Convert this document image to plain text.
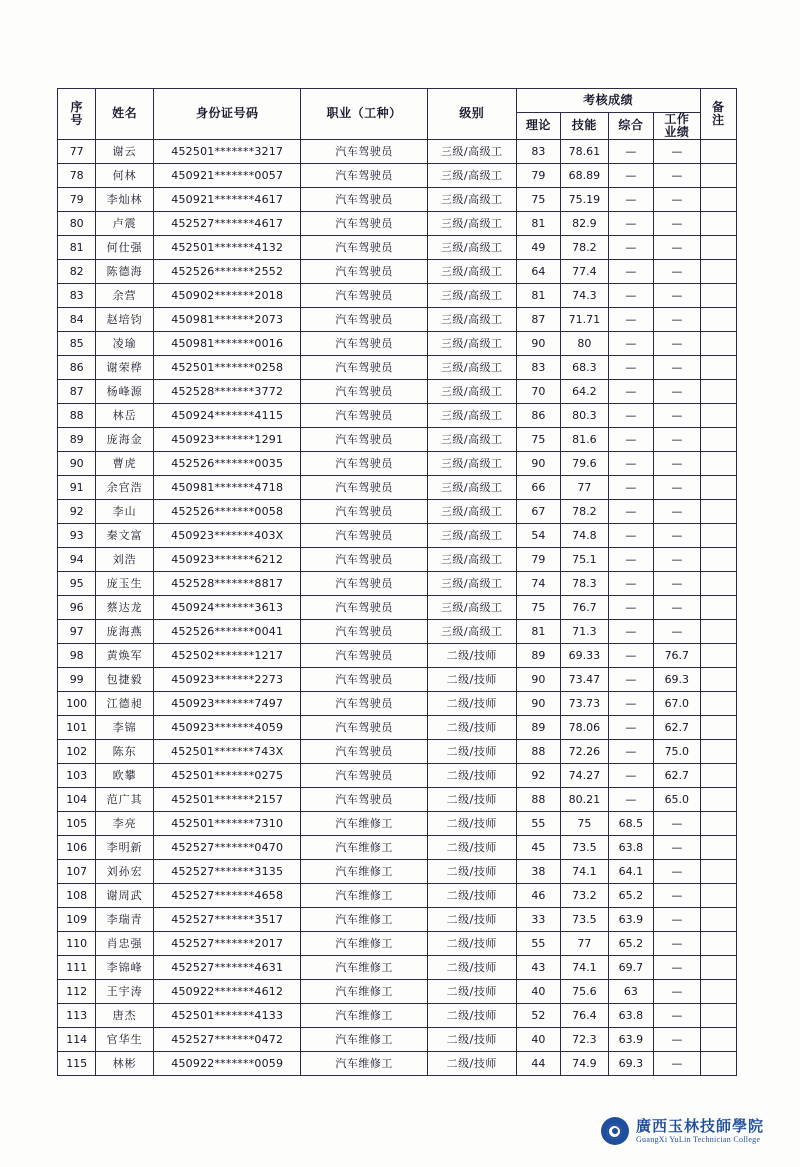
序
号	姓名	身份证号码	职业（工种）	级别	考核成绩				备
注

					理论	技能	综合	工作
业绩	

77	谢云	452501*******3217	汽车驾驶员	三级/高级工	83	78.61	—	—	
78	何林	450921*******0057	汽车驾驶员	三级/高级工	79	68.89	—	—	
79	李灿林	450921*******4617	汽车驾驶员	三级/高级工	75	75.19	—	—	
80	卢震	452527*******4617	汽车驾驶员	三级/高级工	81	82.9	—	—	
81	何仕强	452501*******4132	汽车驾驶员	三级/高级工	49	78.2	—	—	
82	陈德海	452526*******2552	汽车驾驶员	三级/高级工	64	77.4	—	—	
83	余营	450902*******2018	汽车驾驶员	三级/高级工	81	74.3	—	—	
84	赵培钧	450981*******2073	汽车驾驶员	三级/高级工	87	71.71	—	—	
85	凌瑜	450981*******0016	汽车驾驶员	三级/高级工	90	80	—	—	
86	谢荣桦	452501*******0258	汽车驾驶员	三级/高级工	83	68.3	—	—	
87	杨峰源	452528*******3772	汽车驾驶员	三级/高级工	70	64.2	—	—	
88	林岳	450924*******4115	汽车驾驶员	三级/高级工	86	80.3	—	—	
89	庞海金	450923*******1291	汽车驾驶员	三级/高级工	75	81.6	—	—	
90	曹虎	452526*******0035	汽车驾驶员	三级/高级工	90	79.6	—	—	
91	余官浩	450981*******4718	汽车驾驶员	三级/高级工	66	77	—	—	
92	李山	452526*******0058	汽车驾驶员	三级/高级工	67	78.2	—	—	
93	秦文富	450923*******403X	汽车驾驶员	三级/高级工	54	74.8	—	—	
94	刘浩	450923*******6212	汽车驾驶员	三级/高级工	79	75.1	—	—	
95	庞玉生	452528*******8817	汽车驾驶员	三级/高级工	74	78.3	—	—	
96	蔡达龙	450924*******3613	汽车驾驶员	三级/高级工	75	76.7	—	—	
97	庞海燕	452526*******0041	汽车驾驶员	三级/高级工	81	71.3	—	—	
98	黄焕军	452502*******1217	汽车驾驶员	二级/技师	89	69.33	—	76.7	
99	包捷毅	450923*******2273	汽车驾驶员	二级/技师	90	73.47	—	69.3	
100	江德昶	450923*******7497	汽车驾驶员	二级/技师	90	73.73	—	67.0	
101	李锦	450923*******4059	汽车驾驶员	二级/技师	89	78.06	—	62.7	
102	陈东	452501*******743X	汽车驾驶员	二级/技师	88	72.26	—	75.0	
103	欧攀	452501*******0275	汽车驾驶员	二级/技师	92	74.27	—	62.7	
104	范广其	452501*******2157	汽车驾驶员	二级/技师	88	80.21	—	65.0	
105	李亮	452501*******7310	汽车维修工	二级/技师	55	75	68.5	—	
106	李明新	452527*******0470	汽车维修工	二级/技师	45	73.5	63.8	—	
107	刘孙宏	452527*******3135	汽车维修工	二级/技师	38	74.1	64.1	—	
108	谢周武	452527*******4658	汽车维修工	二级/技师	46	73.2	65.2	—	
109	李瑞青	452527*******3517	汽车维修工	二级/技师	33	73.5	63.9	—	
110	肖忠强	452527*******2017	汽车维修工	二级/技师	55	77	65.2	—	
111	李锦峰	452527*******4631	汽车维修工	二级/技师	43	74.1	69.7	—	
112	王宇涛	450922*******4612	汽车维修工	二级/技师	40	75.6	63	—	
113	唐杰	452501*******4133	汽车维修工	二级/技师	52	76.4	63.8	—	
114	官华生	452527*******0472	汽车维修工	二级/技师	40	72.3	63.9	—	
115	林彬	450922*******0059	汽车维修工	二级/技师	44	74.9	69.3	—	
廣西玉林技師學院
GuangXi YuLin Technician College
